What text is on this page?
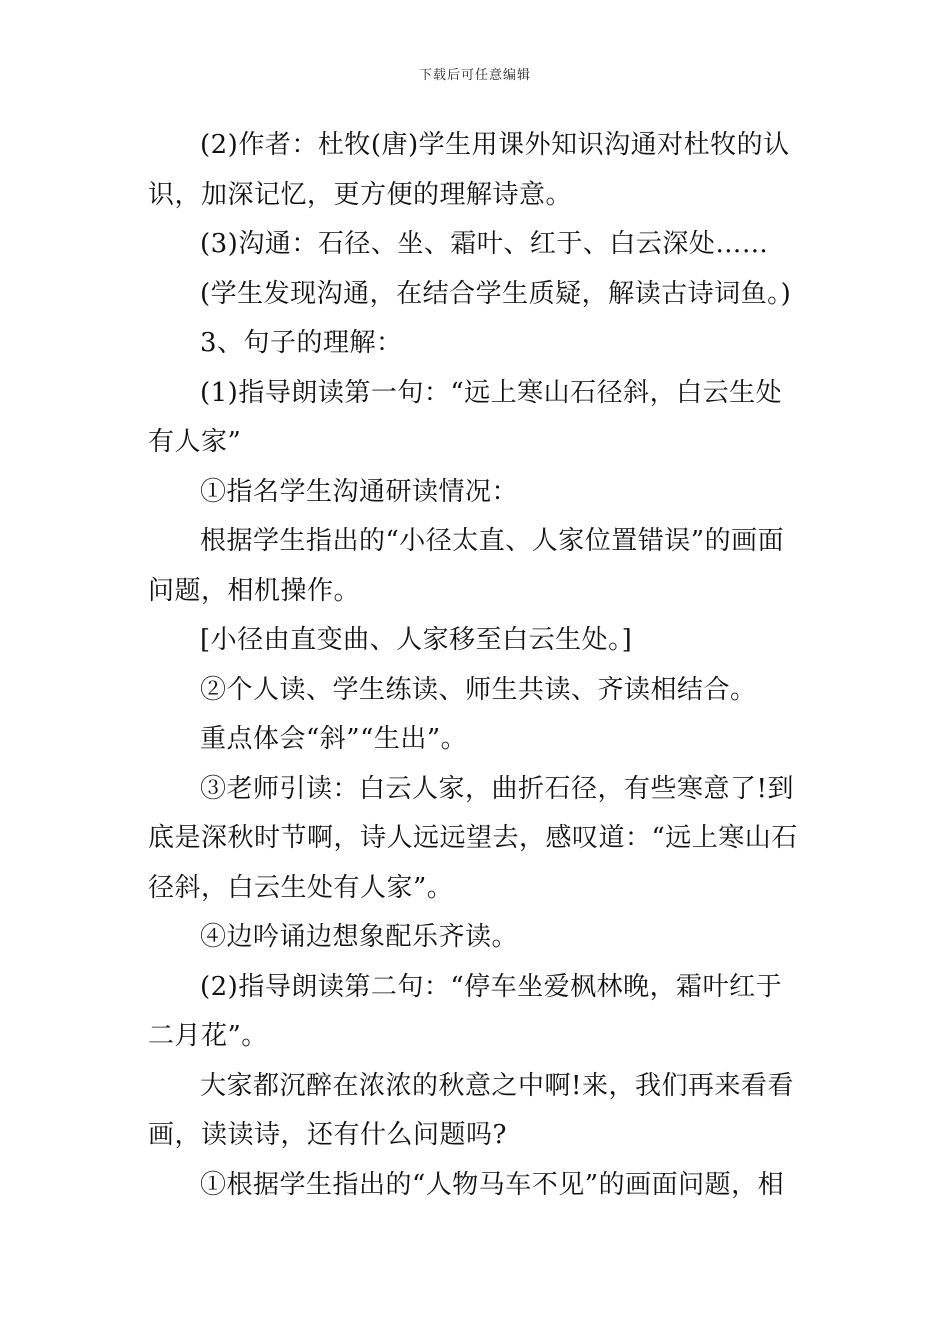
下载后可任意编辑

(2)作者：杜牧(唐)学生用课外知识沟通对杜牧的认识，加深记忆，更方便的理解诗意。

(3)沟通：石径、坐、霜叶、红于、白云深处……

(学生发现沟通，在结合学生质疑，解读古诗词鱼。)

3、句子的理解：

(1)指导朗读第一句：“远上寒山石径斜，白云生处有人家”

①指名学生沟通研读情况：

根据学生指出的“小径太直、人家位置错误”的画面问题，相机操作。

[小径由直变曲、人家移至白云生处。]

②个人读、学生练读、师生共读、齐读相结合。

重点体会“斜”“生出”。

③老师引读：白云人家，曲折石径，有些寒意了!到底是深秋时节啊，诗人远远望去，感叹道：“远上寒山石径斜，白云生处有人家”。

④边吟诵边想象配乐齐读。

(2)指导朗读第二句：“停车坐爱枫林晚，霜叶红于二月花”。

大家都沉醉在浓浓的秋意之中啊!来，我们再来看看画，读读诗，还有什么问题吗?

①根据学生指出的“人物马车不见”的画面问题，相
